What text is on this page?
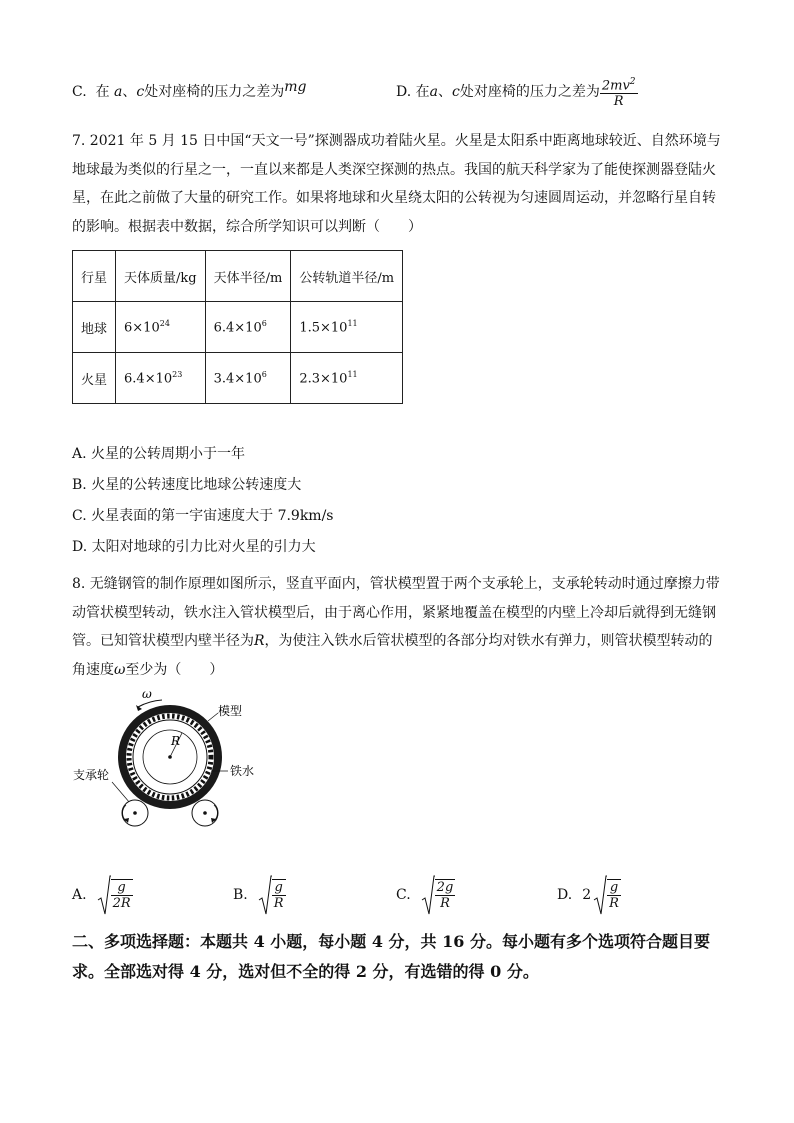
C. 在 a、c处对座椅的压力之差为mg	D.
在 a 、 c 处对座椅的压力之差为 $\frac{2mv^2}{R}$
7. 2021 年 5 月 15 日中国“天文一号”探测器成功着陆火星。火星是太阳系中距离地球较近、自然环境与地球最为类似的行星之一，一直以来都是人类深空探测的热点。我国的航天科学家为了能使探测器登陆火星，在此之前做了大量的研究工作。如果将地球和火星绕太阳的公转视为匀速圆周运动，并忽略行星自转的影响。根据表中数据，综合所学知识可以判断（　　）
行星	天体质量/kg	天体半径/m	公转轨道半径/m
地球	$6\times 10^{24}$	$6.4\times 10^6$	$1.5\times 10^{11}$
火星	$6.4\times 10^{23}$	$3.4\times 10^6$	$2.3\times 10^{11}$
A. 火星的公转周期小于一年
B. 火星的公转速度比地球公转速度大
C. 火星表面的第一宇宙速度大于 7.9km/s
D. 太阳对地球的引力比对火星的引力大
8. 无缝钢管的制作原理如图所示，竖直平面内，管状模型置于两个支承轮上，支承轮转动时通过摩擦力带动管状模型转动，铁水注入管状模型后，由于离心作用，紧紧地覆盖在模型的内壁上冷却后就得到无缝钢管。已知管状模型内壁半径为R，为使注入铁水后管状模型的各部分均对铁水有弹力，则管状模型转动的角速度ω至少为（　　）
ω
R
模型
铁水
支承轮
A. $\frac{g}{2R}$	B. $\frac{g}{R}$	C. $\frac{2g}{R}$	D. $2 \frac{g}{R}$
二、多项选择题：本题共 4 小题，每小题 4 分，共 16 分。每小题有多个选项符合题目要求。全部选对得 4 分，选对但不全的得 2 分，有选错的得 0 分。
